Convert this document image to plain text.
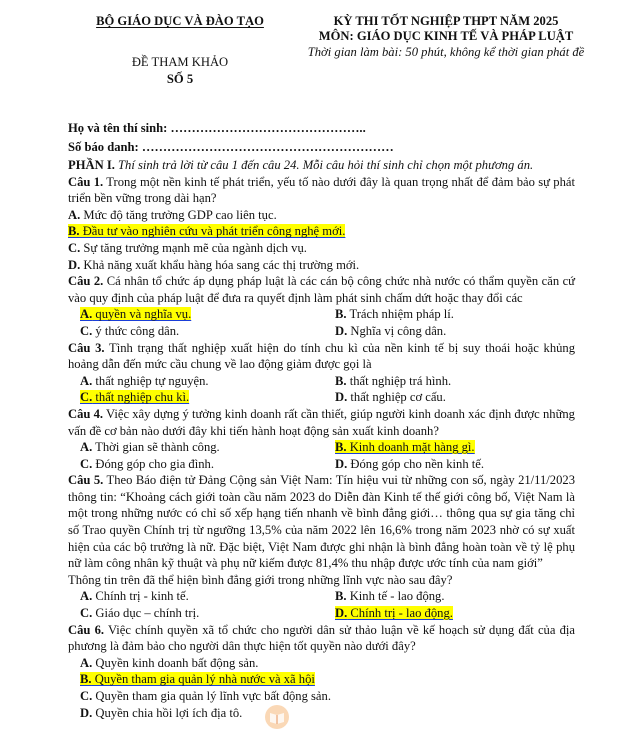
BỘ GIÁO DỤC VÀ ĐÀO TẠO
ĐỀ THAM KHẢO
SỐ 5
KỲ THI TỐT NGHIỆP THPT NĂM 2025
MÔN: GIÁO DỤC KINH TẾ VÀ PHÁP LUẬT
Thời gian làm bài: 50 phút, không kể thời gian phát đề
Họ và tên thí sinh: ………………………………………..
Số báo danh: ……………………………………………………

PHẦN I. Thí sinh trả lời từ câu 1 đến câu 24. Mỗi câu hỏi thí sinh chỉ chọn một phương án.

Câu 1. Trong một nền kinh tế phát triển, yếu tố nào dưới đây là quan trọng nhất để đảm bảo sự phát triển bền vững trong dài hạn?

A. Mức độ tăng trưởng GDP cao liên tục.

B. Đầu tư vào nghiên cứu và phát triển công nghệ mới.

C. Sự tăng trưởng mạnh mẽ của ngành dịch vụ.

D. Khả năng xuất khẩu hàng hóa sang các thị trường mới.

Câu 2. Cá nhân tổ chức áp dụng pháp luật là các cán bộ công chức nhà nước có thẩm quyền căn cứ vào quy định của pháp luật để đưa ra quyết định làm phát sinh chấm dứt hoặc thay đổi các

A. quyền và nghĩa vụ.	B. Trách nhiệm pháp lí.
C. ý thức công dân.	D. Nghĩa vị công dân.

Câu 3. Tình trạng thất nghiệp xuất hiện do tính chu kì của nền kinh tế bị suy thoái hoặc khủng hoảng dẫn đến mức cầu chung về lao động giảm được gọi là

A. thất nghiệp tự nguyện.	B. thất nghiệp trá hình.
C. thất nghiệp chu kì.	D. thất nghiệp cơ cấu.

Câu 4. Việc xây dựng ý tưởng kinh doanh rất cần thiết, giúp người kinh doanh xác định được những vấn đề cơ bản nào dưới đây khi tiến hành hoạt động sản xuất kinh doanh?

A. Thời gian sẽ thành công.	B. Kinh doanh mặt hàng gì.
C. Đóng góp cho gia đình.	D. Đóng góp cho nền kinh tế.

Câu 5. Theo Báo điện tử Đảng Cộng sản Việt Nam: Tín hiệu vui từ những con số, ngày 21/11/2023 thông tin: “Khoảng cách giới toàn cầu năm 2023 do Diễn đàn Kinh tế thế giới công bố, Việt Nam là một trong những nước có chỉ số xếp hạng tiến nhanh về bình đẳng giới… thông qua sự gia tăng chỉ số Trao quyền Chính trị từ ngưỡng 13,5% của năm 2022 lên 16,6% trong năm 2023 nhờ có sự xuất hiện của các bộ trưởng là nữ. Đặc biệt, Việt Nam được ghi nhận là bình đẳng hoàn toàn về tỷ lệ phụ nữ làm công nhân kỹ thuật và phụ nữ kiếm được 81,4% thu nhập được ước tính của nam giới”

Thông tin trên đã thể hiện bình đẳng giới trong những lĩnh vực nào sau đây?

A. Chính trị - kinh tế.	B. Kinh tế - lao động.
C. Giáo dục – chính trị.	D. Chính trị - lao động.

Câu 6. Việc chính quyền xã tổ chức cho người dân sử thảo luận về kế hoạch sử dụng đất của địa phương là đảm bảo cho người dân thực hiện tốt quyền nào dưới đây?

A. Quyền kinh doanh bất động sản.

B. Quyền tham gia quản lý nhà nước và xã hội

C. Quyền tham gia quản lý lĩnh vực bất động sản.

D. Quyền chia hồi lợi ích địa tô.
